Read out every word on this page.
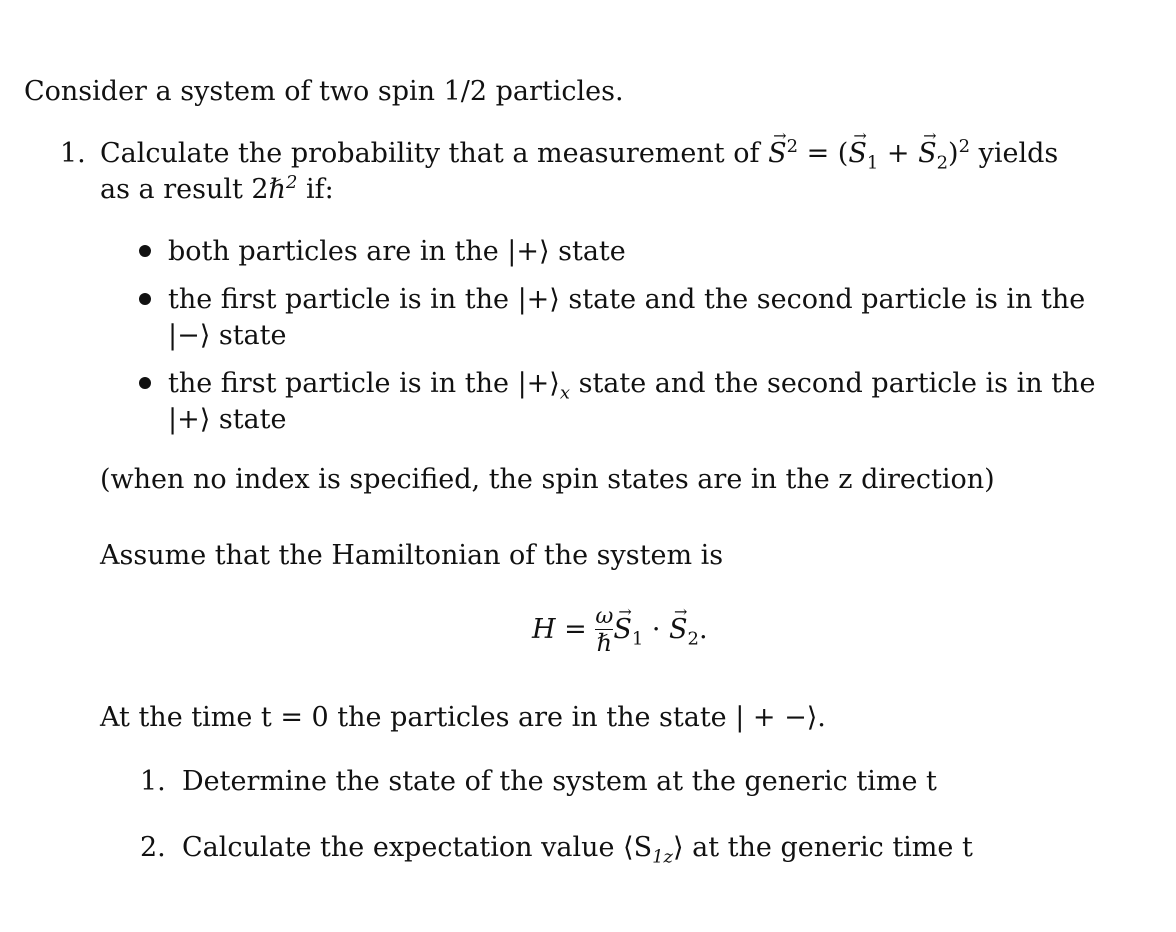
Consider a system of two spin 1/2 particles.
1. Calculate the probability that a measurement of → $S^2$ = (→ $S_1$ + → $S_2)^2$ yields
as a result 2ℏ$^2$ if:
both particles are in the |+⟩ state
the first particle is in the |+⟩ state and the second particle is in the
|−⟩ state
the first particle is in the $|+⟩_x$ state and the second particle is in the
|+⟩ state
(when no index is specified, the spin states are in the z direction)
Assume that the Hamiltonian of the system is
$H = \frac{\omega}{\text{ℏ}}$
→ $S_1$ · → $S_2$.
At the time t = 0 the particles are in the state | + −⟩.
1. Determine the state of the system at the generic time t
2. Calculate the expectation value $⟨S_{1z}⟩$ at the generic time t
